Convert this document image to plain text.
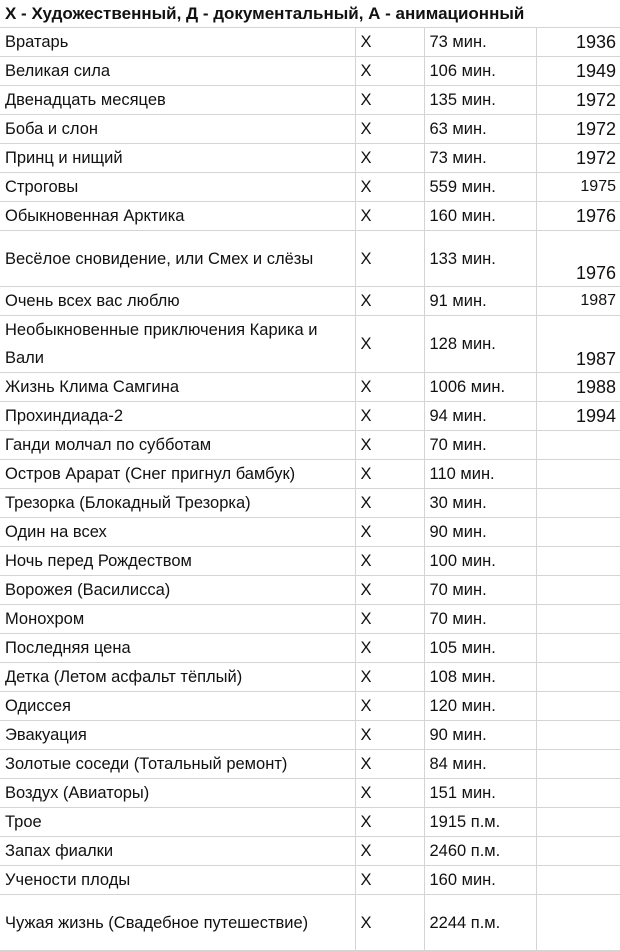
Х - Художественный, Д - документальный, А - анимационный
Вратарь	Х	73 мин.	1936
Великая сила	Х	106 мин.	1949
Двенадцать месяцев	Х	135 мин.	1972
Боба и слон	Х	63 мин.	1972
Принц и нищий	Х	73 мин.	1972
Строговы	Х	559 мин.	1975
Обыкновенная Арктика	Х	160 мин.	1976
Весёлое сновидение, или Смех и слёзы	Х	133 мин.	1976
Очень всех вас люблю	Х	91 мин.	1987
Необыкновенные приключения Карика и Вали	Х	128 мин.	1987
Жизнь Клима Самгина	Х	1006 мин.	1988
Прохиндиада-2	Х	94 мин.	1994
Ганди молчал по субботам	Х	70 мин.	
Остров Арарат (Снег пригнул бамбук)	Х	110 мин.	
Трезорка (Блокадный Трезорка)	Х	30 мин.	
Один на всех	Х	90 мин.	
Ночь перед Рождеством	Х	100 мин.	
Ворожея (Василисса)	Х	70 мин.	
Монохром	Х	70 мин.	
Последняя цена	Х	105 мин.	
Детка (Летом асфальт тёплый)	Х	108 мин.	
Одиссея	Х	120 мин.	
Эвакуация	Х	90 мин.	
Золотые соседи (Тотальный ремонт)	Х	84 мин.	
Воздух (Авиаторы)	Х	151 мин.	
Трое	Х	1915 п.м.	
Запах фиалки	Х	2460 п.м.	
Учености плоды	Х	160 мин.	
Чужая жизнь (Свадебное путешествие)	Х	2244 п.м.	
